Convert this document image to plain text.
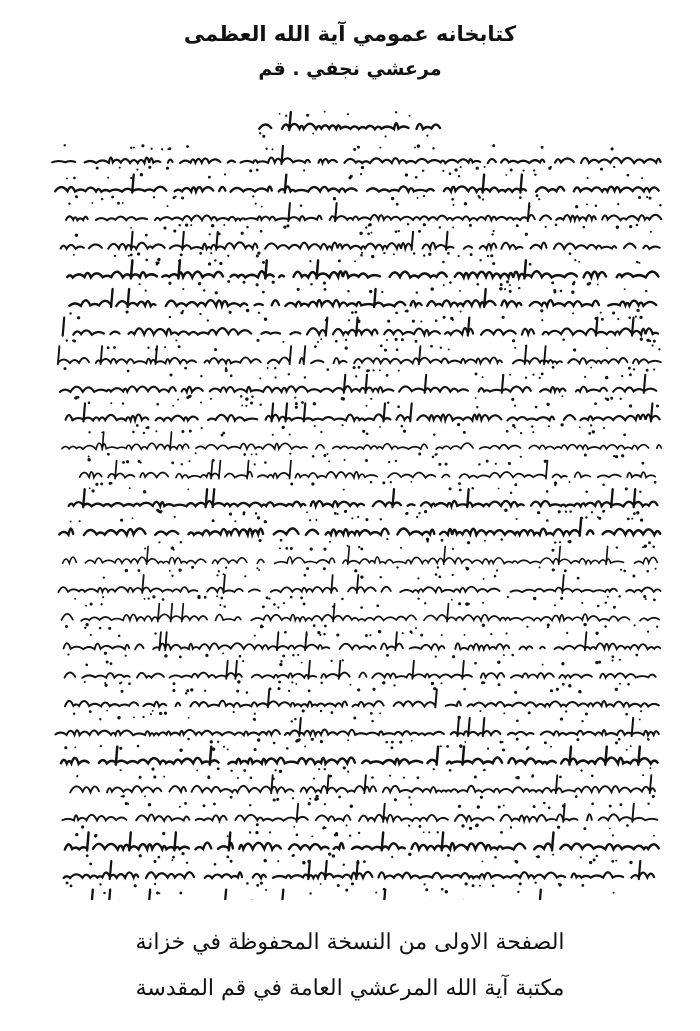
كتابخانه عمومي آية الله العظمى
مرعشي نجفي . قم
الصفحة الاولى من النسخة المحفوظة في خزانة
مكتبة آية الله المرعشي العامة في قم المقدسة
